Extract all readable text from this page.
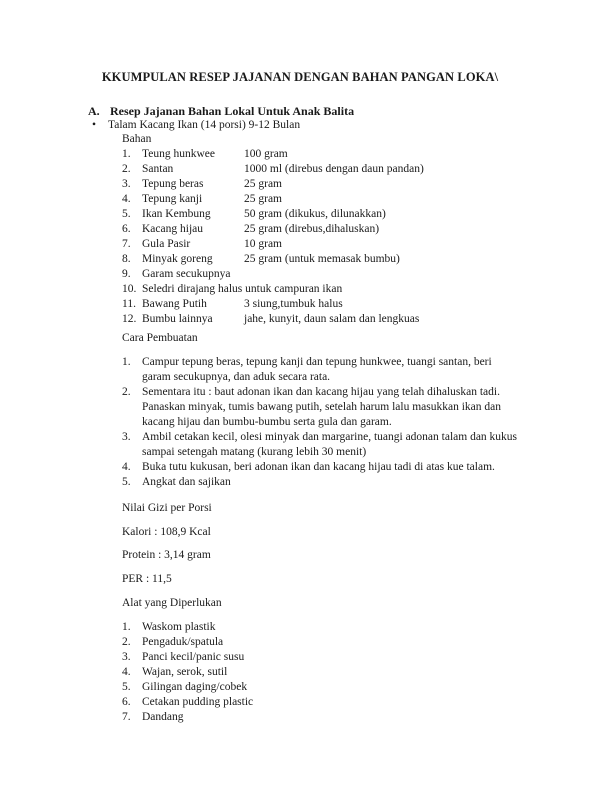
KKUMPULAN RESEP JAJANAN DENGAN BAHAN PANGAN LOKA\
A. Resep Jajanan Bahan Lokal Untuk Anak Balita
• Talam Kacang Ikan (14 porsi) 9-12 Bulan
Bahan
1. Teung hunkwee	100 gram
2. Santan	1000 ml (direbus dengan daun pandan)
3. Tepung beras	25 gram
4. Tepung kanji	25 gram
5. Ikan Kembung	50 gram (dikukus, dilunakkan)
6. Kacang hijau	25 gram (direbus,dihaluskan)
7. Gula Pasir	10 gram
8. Minyak goreng	25 gram (untuk memasak bumbu)
9. Garam secukupnya
10. Seledri dirajang halus untuk campuran ikan
11. Bawang Putih	3 siung,tumbuk halus
12. Bumbu lainnya	jahe, kunyit, daun salam dan lengkuas
Cara Pembuatan
1. Campur tepung beras, tepung kanji dan tepung hunkwee, tuangi santan, beri garam secukupnya, dan aduk secara rata.
2. Sementara itu : baut adonan ikan dan kacang hijau yang telah dihaluskan tadi. Panaskan minyak, tumis bawang putih, setelah harum lalu masukkan ikan dan kacang hijau dan bumbu-bumbu serta gula dan garam.
3. Ambil cetakan kecil, olesi minyak dan margarine, tuangi adonan talam dan kukus sampai setengah matang (kurang lebih 30 menit)
4. Buka tutu kukusan, beri adonan ikan dan kacang hijau tadi di atas kue talam.
5. Angkat dan sajikan
Nilai Gizi per Porsi
Kalori : 108,9 Kcal
Protein : 3,14 gram
PER : 11,5
Alat yang Diperlukan
1. Waskom plastik
2. Pengaduk/spatula
3. Panci kecil/panic susu
4. Wajan, serok, sutil
5. Gilingan daging/cobek
6. Cetakan pudding plastic
7. Dandang
